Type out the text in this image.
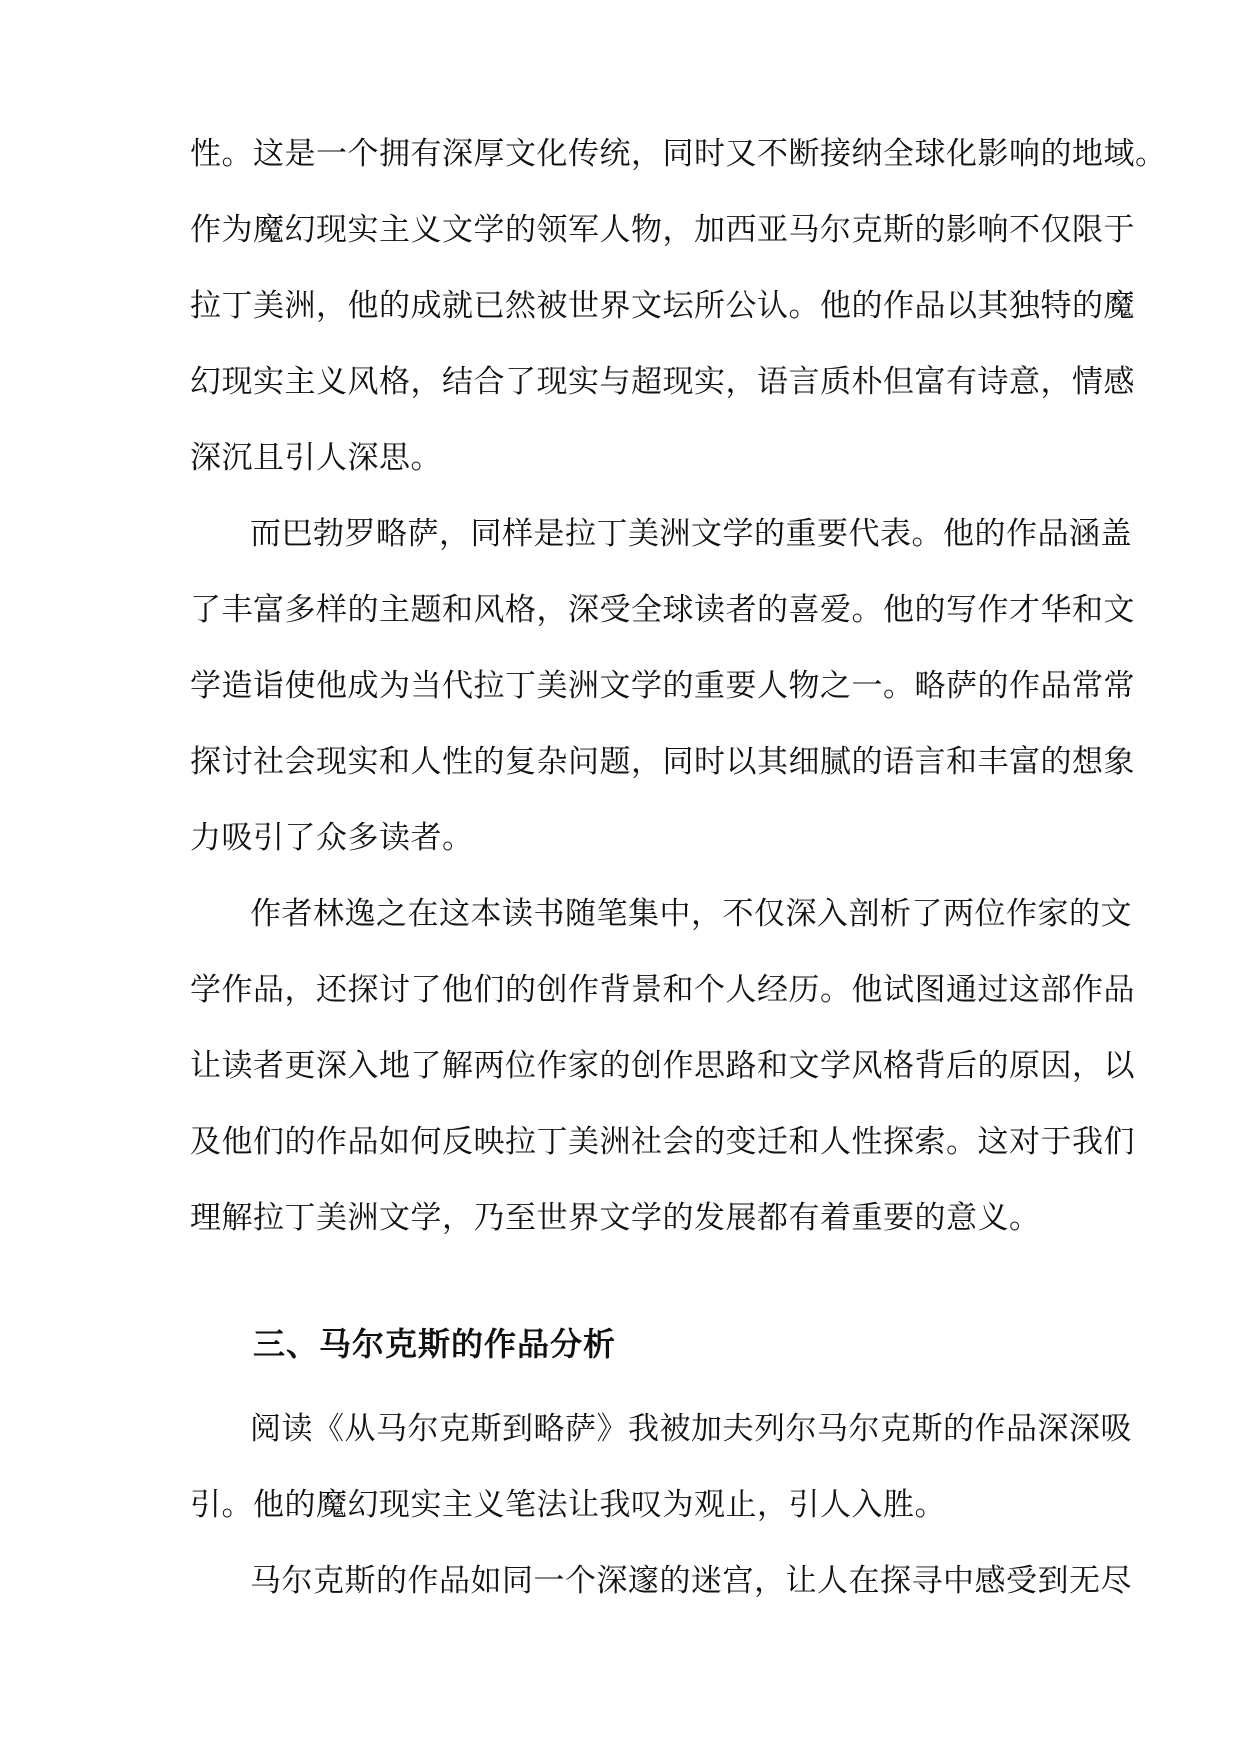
性。这是一个拥有深厚文化传统，同时又不断接纳全球化影响的地域。
作为魔幻现实主义文学的领军人物，加西亚马尔克斯的影响不仅限于
拉丁美洲，他的成就已然被世界文坛所公认。他的作品以其独特的魔
幻现实主义风格，结合了现实与超现实，语言质朴但富有诗意，情感
深沉且引人深思。
而巴勃罗略萨，同样是拉丁美洲文学的重要代表。他的作品涵盖
了丰富多样的主题和风格，深受全球读者的喜爱。他的写作才华和文
学造诣使他成为当代拉丁美洲文学的重要人物之一。略萨的作品常常
探讨社会现实和人性的复杂问题，同时以其细腻的语言和丰富的想象
力吸引了众多读者。
作者林逸之在这本读书随笔集中，不仅深入剖析了两位作家的文
学作品，还探讨了他们的创作背景和个人经历。他试图通过这部作品
让读者更深入地了解两位作家的创作思路和文学风格背后的原因，以
及他们的作品如何反映拉丁美洲社会的变迁和人性探索。这对于我们
理解拉丁美洲文学，乃至世界文学的发展都有着重要的意义。
三、马尔克斯的作品分析
阅读《从马尔克斯到略萨》我被加夫列尔马尔克斯的作品深深吸
引。他的魔幻现实主义笔法让我叹为观止，引人入胜。
马尔克斯的作品如同一个深邃的迷宫，让人在探寻中感受到无尽
